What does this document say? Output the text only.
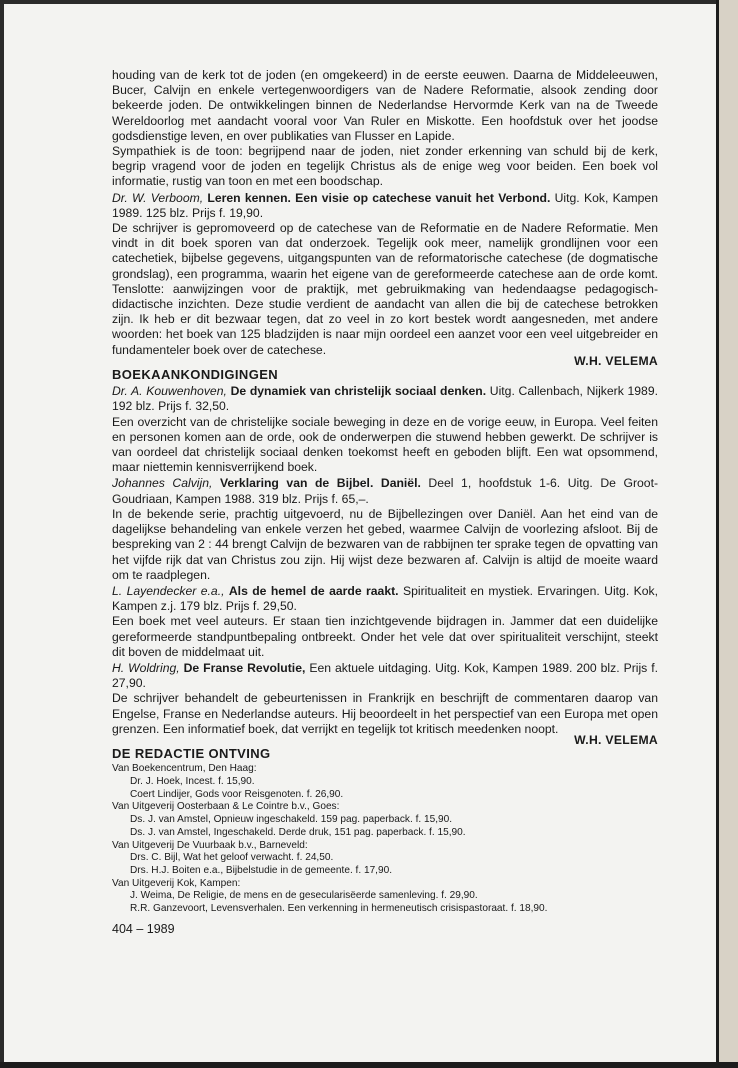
houding van de kerk tot de joden (en omgekeerd) in de eerste eeuwen. Daarna de Middeleeuwen, Bucer, Calvijn en enkele vertegenwoordigers van de Nadere Reformatie, alsook zending door bekeerde joden. De ontwikkelingen binnen de Nederlandse Hervormde Kerk van na de Tweede Wereldoorlog met aandacht vooral voor Van Ruler en Miskotte. Een hoofdstuk over het joodse godsdienstige leven, en over publikaties van Flusser en Lapide.

Sympathiek is de toon: begrijpend naar de joden, niet zonder erkenning van schuld bij de kerk, begrip vragend voor de joden en tegelijk Christus als de enige weg voor beiden. Een boek vol informatie, rustig van toon en met een boodschap.

Dr. W. Verboom, Leren kennen. Een visie op catechese vanuit het Verbond. Uitg. Kok, Kampen 1989. 125 blz. Prijs f. 19,90.

De schrijver is gepromoveerd op de catechese van de Reformatie en de Nadere Reformatie. Men vindt in dit boek sporen van dat onderzoek. Tegelijk ook meer, namelijk grondlijnen voor een catechetiek, bijbelse gegevens, uitgangspunten van de reformatorische catechese (de dogmatische grondslag), een programma, waarin het eigene van de gereformeerde catechese aan de orde komt. Tenslotte: aanwijzingen voor de praktijk, met gebruikmaking van hedendaagse pedagogisch-didactische inzichten. Deze studie verdient de aandacht van allen die bij de catechese betrokken zijn. Ik heb er dit bezwaar tegen, dat zo veel in zo kort bestek wordt aangesneden, met andere woorden: het boek van 125 bladzijden is naar mijn oordeel een aanzet voor een veel uitgebreider en fundamenteler boek over de catechese.

W.H. VELEMA
BOEKAANKONDIGINGEN

Dr. A. Kouwenhoven, De dynamiek van christelijk sociaal denken. Uitg. Callenbach, Nijkerk 1989. 192 blz. Prijs f. 32,50.

Een overzicht van de christelijke sociale beweging in deze en de vorige eeuw, in Europa. Veel feiten en personen komen aan de orde, ook de onderwerpen die stuwend hebben gewerkt. De schrijver is van oordeel dat christelijk sociaal denken toekomst heeft en geboden blijft. Een wat opsommend, maar niettemin kennisverrijkend boek.

Johannes Calvijn, Verklaring van de Bijbel. Daniël. Deel 1, hoofdstuk 1-6. Uitg. De Groot-Goudriaan, Kampen 1988. 319 blz. Prijs f. 65,–.

In de bekende serie, prachtig uitgevoerd, nu de Bijbellezingen over Daniël. Aan het eind van de dagelijkse behandeling van enkele verzen het gebed, waarmee Calvijn de voorlezing afsloot. Bij de bespreking van 2 : 44 brengt Calvijn de bezwaren van de rabbijnen ter sprake tegen de opvatting van het vijfde rijk dat van Christus zou zijn. Hij wijst deze bezwaren af. Calvijn is altijd de moeite waard om te raadplegen.

L. Layendecker e.a., Als de hemel de aarde raakt. Spiritualiteit en mystiek. Ervaringen. Uitg. Kok, Kampen z.j. 179 blz. Prijs f. 29,50.

Een boek met veel auteurs. Er staan tien inzichtgevende bijdragen in. Jammer dat een duidelijke gereformeerde standpuntbepaling ontbreekt. Onder het vele dat over spiritualiteit verschijnt, steekt dit boven de middelmaat uit.

H. Woldring, De Franse Revolutie, Een aktuele uitdaging. Uitg. Kok, Kampen 1989. 200 blz. Prijs f. 27,90.

De schrijver behandelt de gebeurtenissen in Frankrijk en beschrijft de commentaren daarop van Engelse, Franse en Nederlandse auteurs. Hij beoordeelt in het perspectief van een Europa met open grenzen. Een informatief boek, dat verrijkt en tegelijk tot kritisch meedenken noopt.

W.H. VELEMA
DE REDACTIE ONTVING
Van Boekencentrum, Den Haag:
Dr. J. Hoek, Incest. f. 15,90.
Coert Lindijer, Gods voor Reisgenoten. f. 26,90.
Van Uitgeverij Oosterbaan & Le Cointre b.v., Goes:
Ds. J. van Amstel, Opnieuw ingeschakeld. 159 pag. paperback. f. 15,90.
Ds. J. van Amstel, Ingeschakeld. Derde druk, 151 pag. paperback. f. 15,90.
Van Uitgeverij De Vuurbaak b.v., Barneveld:
Drs. C. Bijl, Wat het geloof verwacht. f. 24,50.
Drs. H.J. Boiten e.a., Bijbelstudie in de gemeente. f. 17,90.
Van Uitgeverij Kok, Kampen:
J. Weima, De Religie, de mens en de gesecularisëerde samenleving. f. 29,90.
R.R. Ganzevoort, Levensverhalen. Een verkenning in hermeneutisch crisispastoraat. f. 18,90.
404 – 1989
